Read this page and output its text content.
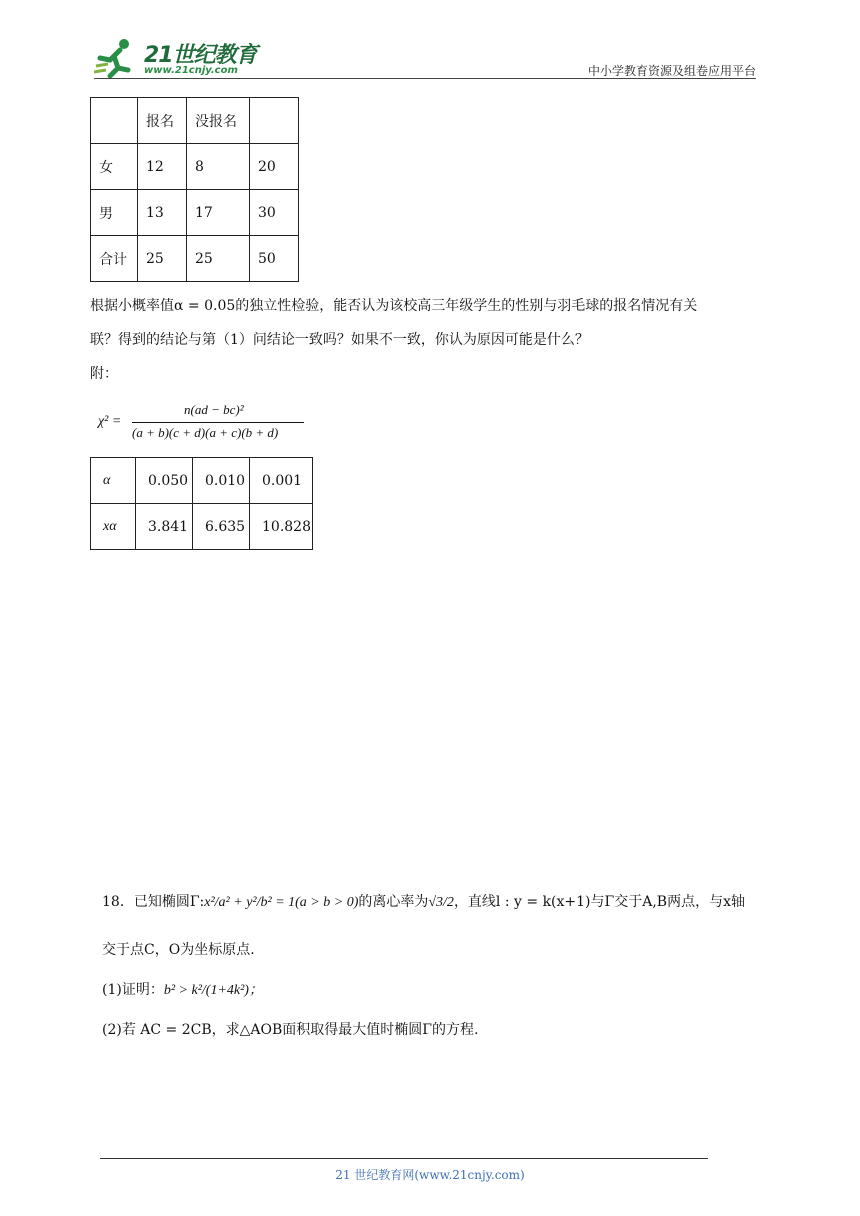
21世纪教育
www.21cnjy.com	中小学教育资源及组卷应用平台
	报名	没报名	
女	12	8	20
男	13	17	30
合计	25	25	50
根据小概率值α = 0.05的独立性检验，能否认为该校高三年级学生的性别与羽毛球的报名情况有关
联？得到的结论与第（1）问结论一致吗？如果不一致，你认为原因可能是什么？
附：
χ² =
n(ad − bc)²
(a + b)(c + d)(a + c)(b + d)
α	0.050	0.010	0.001
xα	3.841	6.635	10.828
18．已知椭圆Γ:x²/a² + y²/b² = 1(a > b > 0)的离心率为√3/2，直线l : y = k(x+1)与Γ交于A,B两点，与x轴
交于点C，O为坐标原点.
(1)证明：b² > k²/(1+4k²)；
(2)若 AC = 2CB，求△AOB面积取得最大值时椭圆Γ的方程.
21 世纪教育网(www.21cnjy.com)
